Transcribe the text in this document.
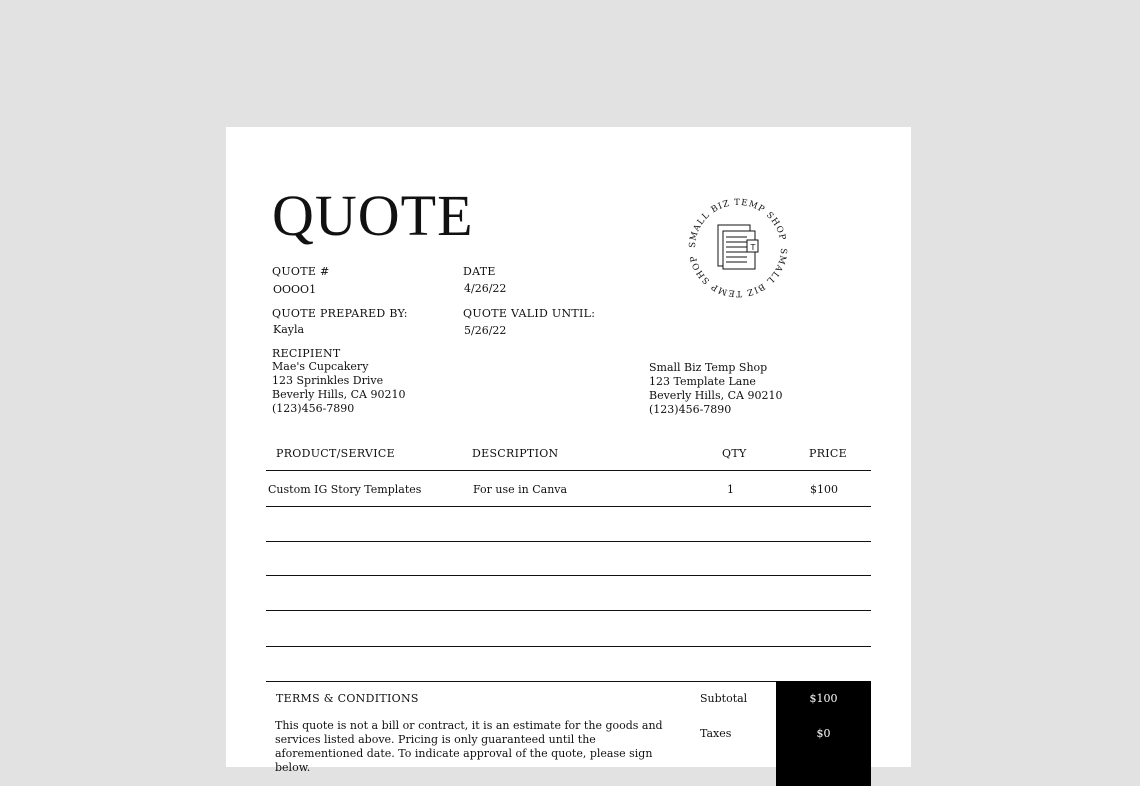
QUOTE
QUOTE #
OOOO1
DATE
4/26/22
QUOTE PREPARED BY:
Kayla
QUOTE VALID UNTIL:
5/26/22
SMALL BIZ TEMP SHOP
SMALL BIZ TEMP SHOP
T
RECIPIENT
Mae's Cupcakery
123 Sprinkles Drive
Beverly Hills, CA 90210
(123)456-7890
Small Biz Temp Shop
123 Template Lane
Beverly Hills, CA 90210
(123)456-7890
PRODUCT/SERVICE	DESCRIPTION	QTY	PRICE
Custom IG Story Templates	For use in Canva	1	$100
TERMS & CONDITIONS
This quote is not a bill or contract, it is an estimate for the goods and services listed above. Pricing is only guaranteed until the aforementioned date. To indicate approval of the quote, please sign below.
Subtotal	$100
Taxes	$0
